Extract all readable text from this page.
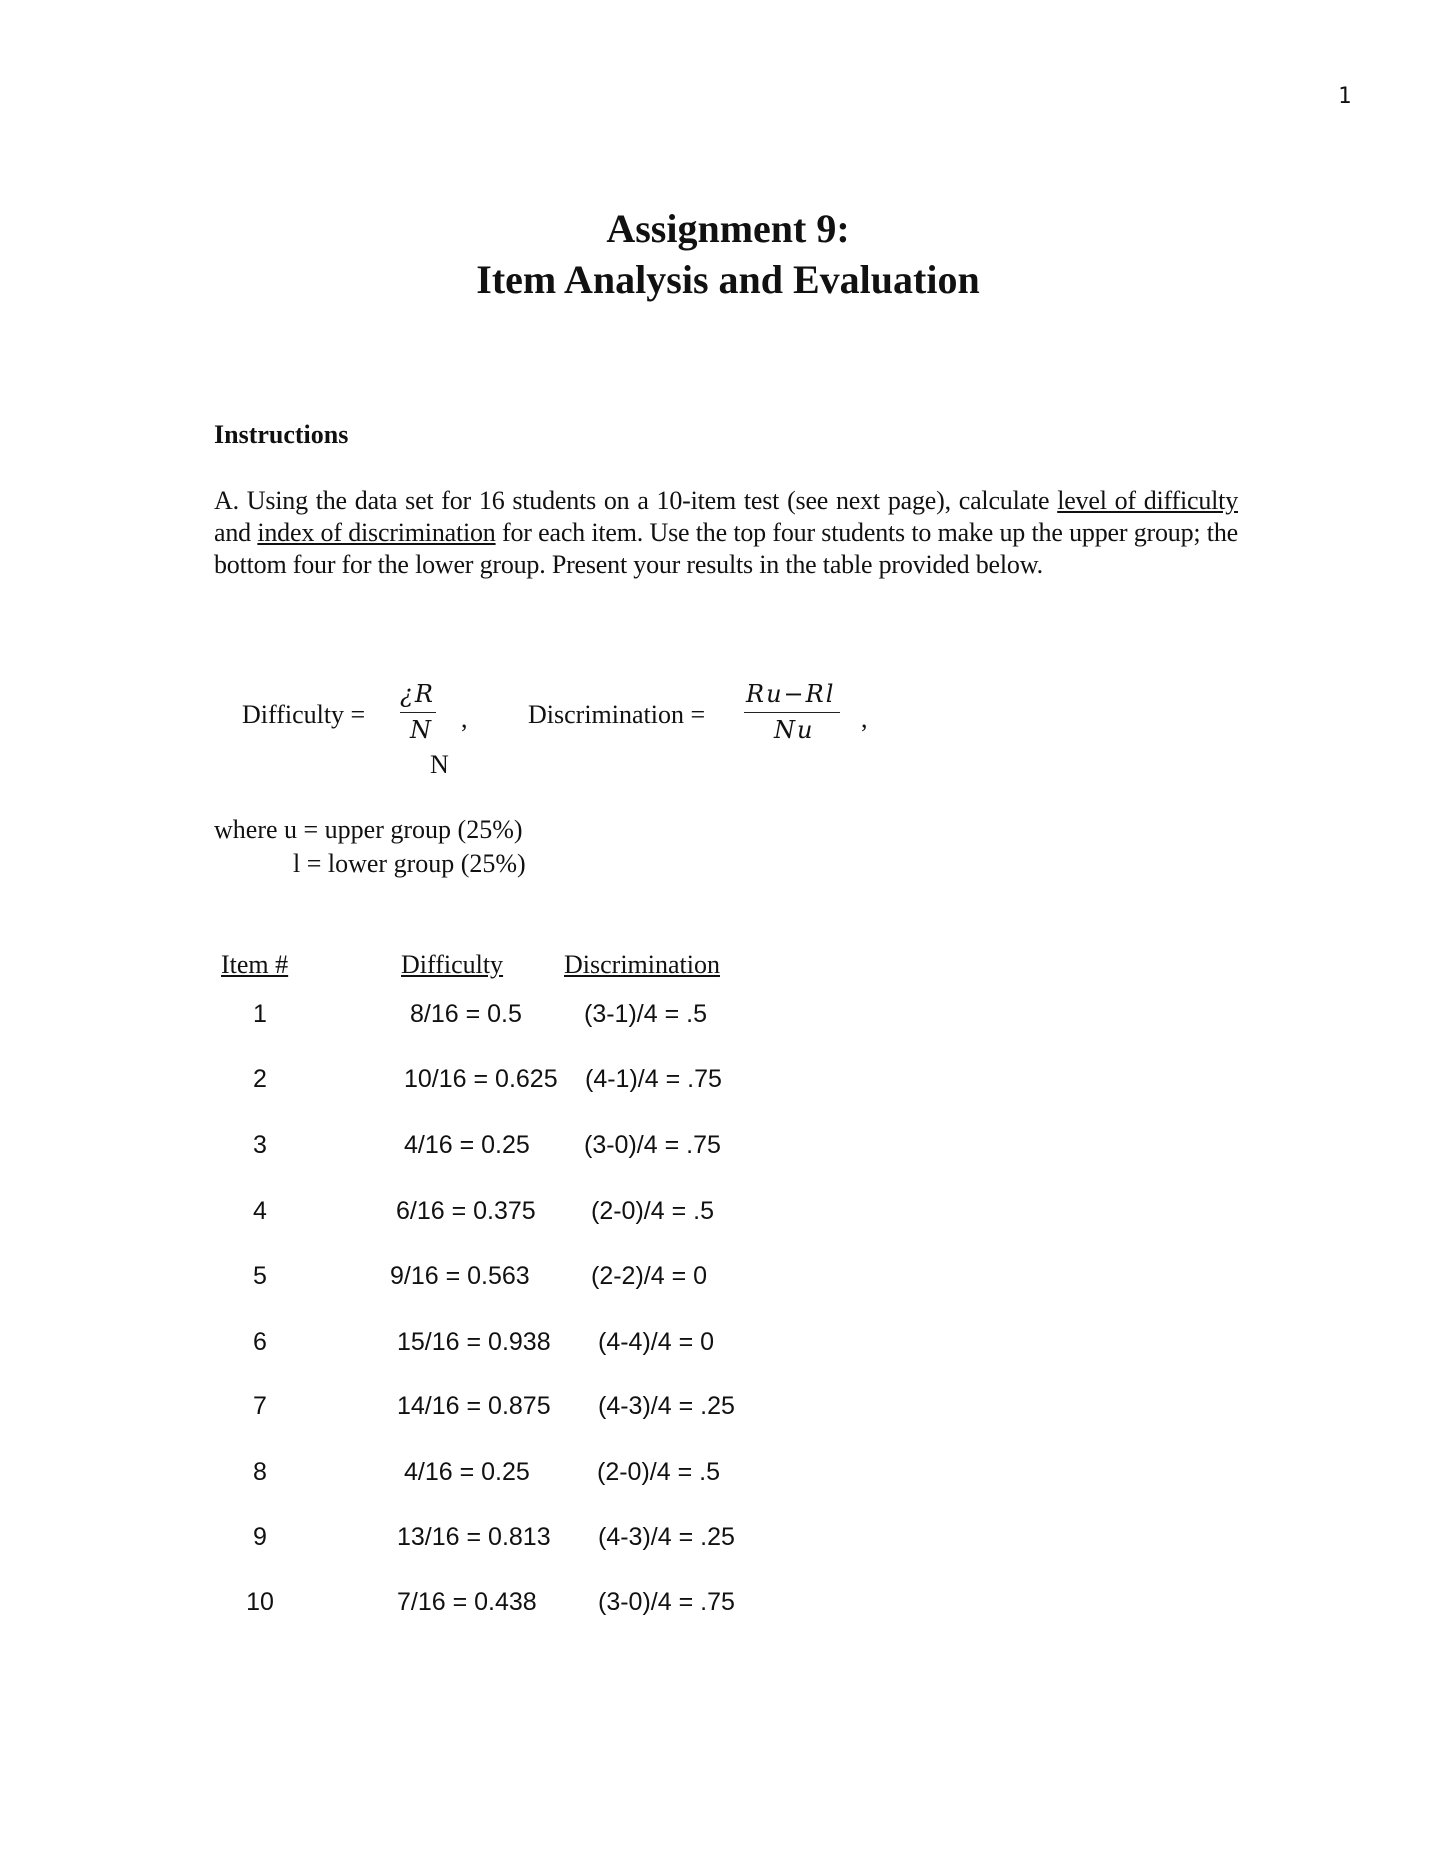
1
Assignment 9:
Item Analysis and Evaluation
Instructions
A. Using the data set for 16 students on a 10-item test (see next page), calculate level of difficulty and index of discrimination for each item. Use the top four students to make up the upper group; the bottom four for the lower group. Present your results in the table provided below.
Difficulty =
¿R
N ,
N
Discrimination =
Ru−Rl
Nu ,
where u = upper group (25%)
l = lower group (25%)
Item #	Difficulty Discrimination
1	8/16 = 0.5 (3-1)/4 = .5
2	10/16 = 0.625 (4-1)/4 = .75
3	4/16 = 0.25 (3-0)/4 = .75
4	6/16 = 0.375 (2-0)/4 = .5
5	9/16 = 0.563 (2-2)/4 = 0
6	15/16 = 0.938 (4-4)/4 = 0
7	14/16 = 0.875 (4-3)/4 = .25
8	4/16 = 0.25	(2-0)/4 = .5
9	13/16 = 0.813 (4-3)/4 = .25
10	7/16 = 0.438 (3-0)/4 = .75
